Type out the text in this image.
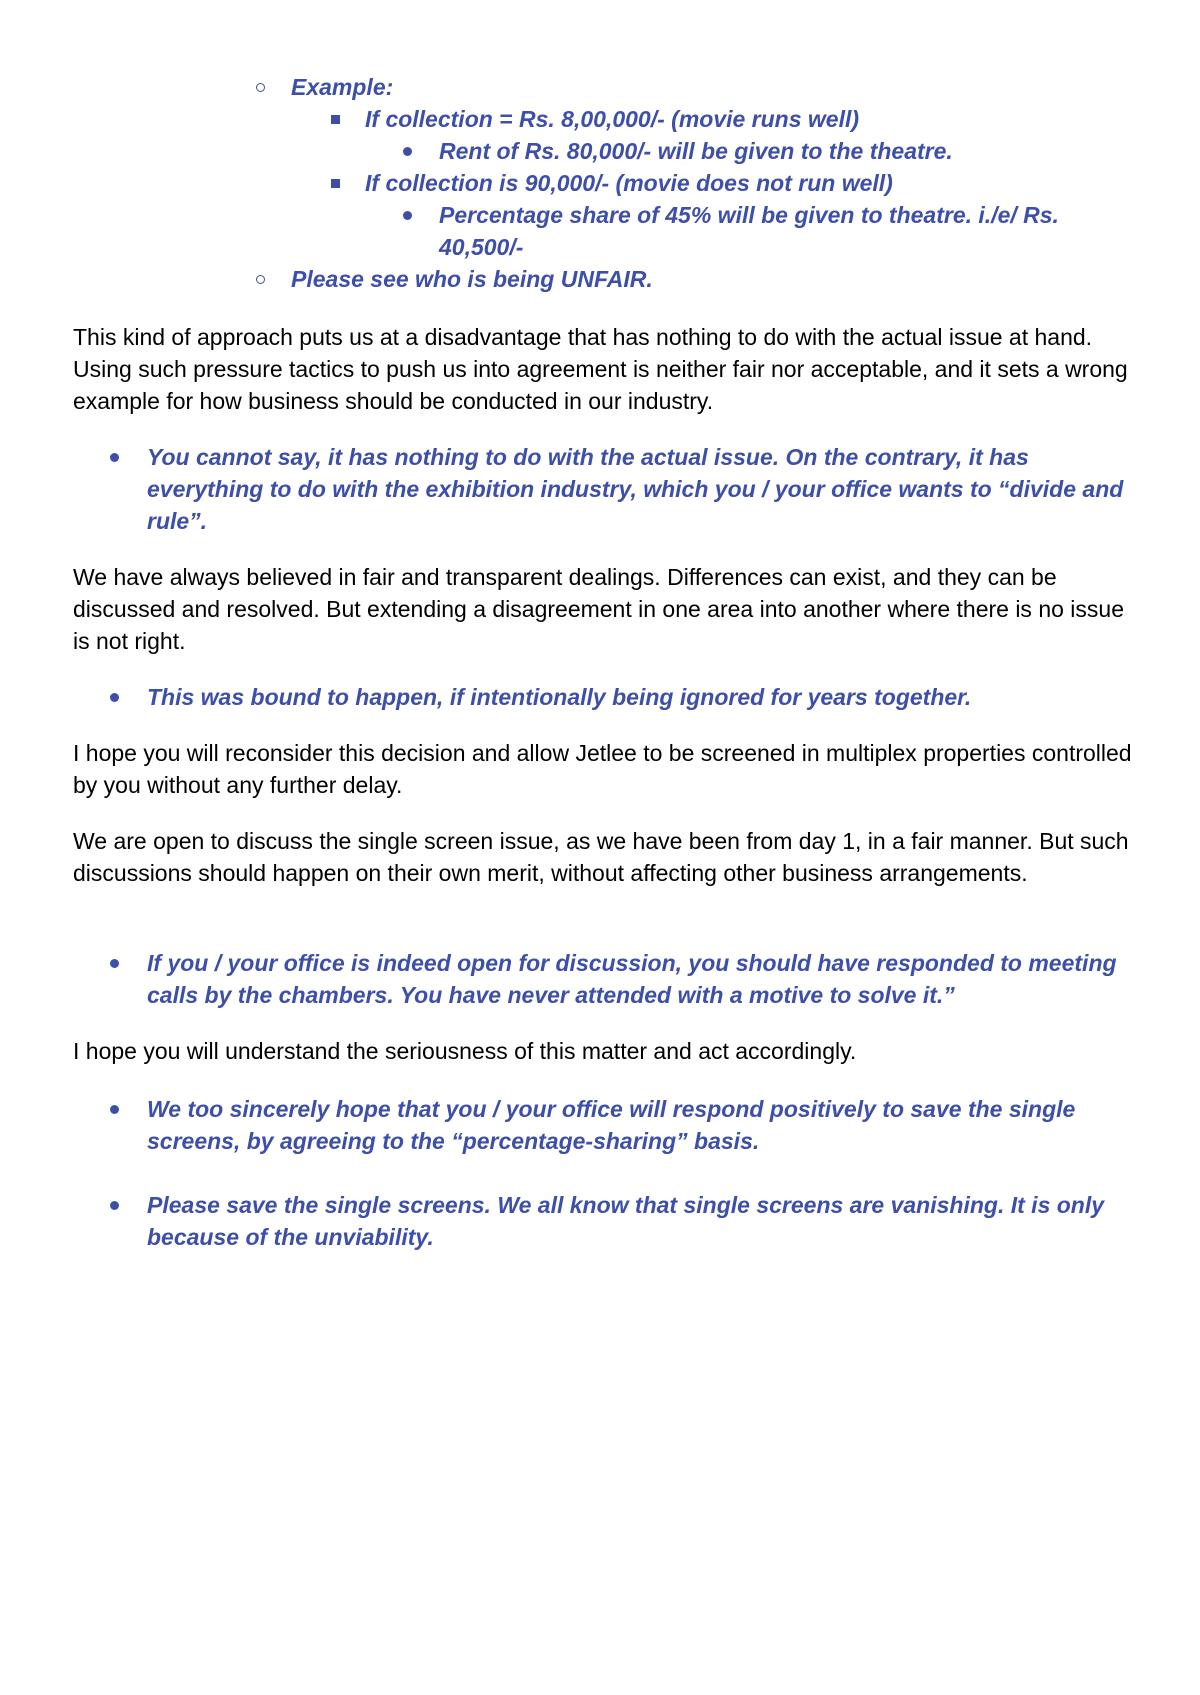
Example:
If collection = Rs. 8,00,000/- (movie runs well)
Rent of Rs. 80,000/- will be given to the theatre.
If collection is 90,000/- (movie does not run well)
Percentage share of 45% will be given to theatre. i./e/ Rs.
40,500/-
Please see who is being UNFAIR.
This kind of approach puts us at a disadvantage that has nothing to do with the actual issue at hand. Using such pressure tactics to push us into agreement is neither fair nor acceptable, and it sets a wrong example for how business should be conducted in our industry.
You cannot say, it has nothing to do with the actual issue. On the contrary, it has everything to do with the exhibition industry, which you / your office wants to “divide and rule”.
We have always believed in fair and transparent dealings. Differences can exist, and they can be discussed and resolved. But extending a disagreement in one area into another where there is no issue is not right.
This was bound to happen, if intentionally being ignored for years together.
I hope you will reconsider this decision and allow Jetlee to be screened in multiplex properties controlled by you without any further delay.
We are open to discuss the single screen issue, as we have been from day 1, in a fair manner. But such discussions should happen on their own merit, without affecting other business arrangements.
If you / your office is indeed open for discussion, you should have responded to meeting calls by the chambers. You have never attended with a motive to solve it.”
I hope you will understand the seriousness of this matter and act accordingly.
We too sincerely hope that you / your office will respond positively to save the single screens, by agreeing to the “percentage-sharing” basis.
Please save the single screens. We all know that single screens are vanishing. It is only because of the unviability.
